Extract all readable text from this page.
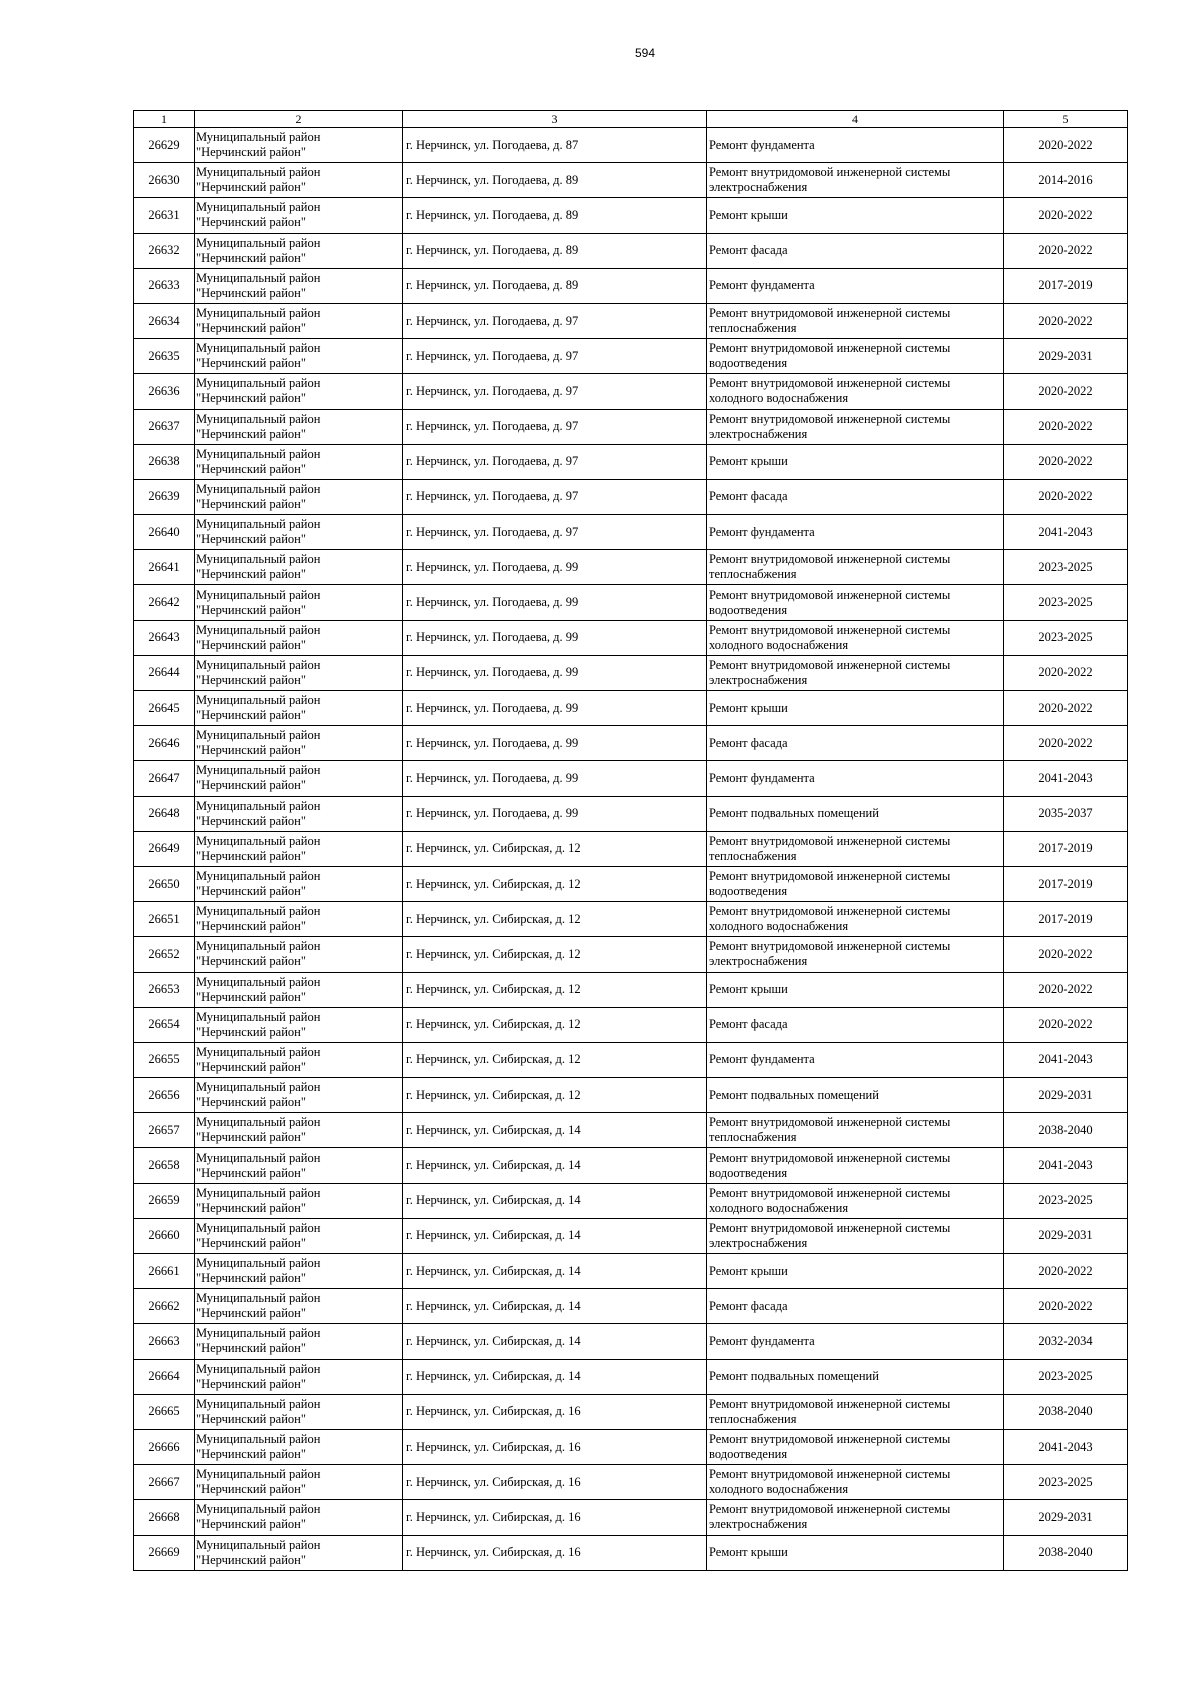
594
1	2	3	4	5
26629	Муниципальный район
"Нерчинский район"	г. Нерчинск, ул. Погодаева, д. 87	Ремонт фундамента	2020-2022
26630	Муниципальный район
"Нерчинский район"	г. Нерчинск, ул. Погодаева, д. 89	Ремонт внутридомовой инженерной системы электроснабжения	2014-2016
26631	Муниципальный район
"Нерчинский район"	г. Нерчинск, ул. Погодаева, д. 89	Ремонт крыши	2020-2022
26632	Муниципальный район
"Нерчинский район"	г. Нерчинск, ул. Погодаева, д. 89	Ремонт фасада	2020-2022
26633	Муниципальный район
"Нерчинский район"	г. Нерчинск, ул. Погодаева, д. 89	Ремонт фундамента	2017-2019
26634	Муниципальный район
"Нерчинский район"	г. Нерчинск, ул. Погодаева, д. 97	Ремонт внутридомовой инженерной системы теплоснабжения	2020-2022
26635	Муниципальный район
"Нерчинский район"	г. Нерчинск, ул. Погодаева, д. 97	Ремонт внутридомовой инженерной системы водоотведения	2029-2031
26636	Муниципальный район
"Нерчинский район"	г. Нерчинск, ул. Погодаева, д. 97	Ремонт внутридомовой инженерной системы холодного водоснабжения	2020-2022
26637	Муниципальный район
"Нерчинский район"	г. Нерчинск, ул. Погодаева, д. 97	Ремонт внутридомовой инженерной системы электроснабжения	2020-2022
26638	Муниципальный район
"Нерчинский район"	г. Нерчинск, ул. Погодаева, д. 97	Ремонт крыши	2020-2022
26639	Муниципальный район
"Нерчинский район"	г. Нерчинск, ул. Погодаева, д. 97	Ремонт фасада	2020-2022
26640	Муниципальный район
"Нерчинский район"	г. Нерчинск, ул. Погодаева, д. 97	Ремонт фундамента	2041-2043
26641	Муниципальный район
"Нерчинский район"	г. Нерчинск, ул. Погодаева, д. 99	Ремонт внутридомовой инженерной системы теплоснабжения	2023-2025
26642	Муниципальный район
"Нерчинский район"	г. Нерчинск, ул. Погодаева, д. 99	Ремонт внутридомовой инженерной системы водоотведения	2023-2025
26643	Муниципальный район
"Нерчинский район"	г. Нерчинск, ул. Погодаева, д. 99	Ремонт внутридомовой инженерной системы холодного водоснабжения	2023-2025
26644	Муниципальный район
"Нерчинский район"	г. Нерчинск, ул. Погодаева, д. 99	Ремонт внутридомовой инженерной системы электроснабжения	2020-2022
26645	Муниципальный район
"Нерчинский район"	г. Нерчинск, ул. Погодаева, д. 99	Ремонт крыши	2020-2022
26646	Муниципальный район
"Нерчинский район"	г. Нерчинск, ул. Погодаева, д. 99	Ремонт фасада	2020-2022
26647	Муниципальный район
"Нерчинский район"	г. Нерчинск, ул. Погодаева, д. 99	Ремонт фундамента	2041-2043
26648	Муниципальный район
"Нерчинский район"	г. Нерчинск, ул. Погодаева, д. 99	Ремонт подвальных помещений	2035-2037
26649	Муниципальный район
"Нерчинский район"	г. Нерчинск, ул. Сибирская, д. 12	Ремонт внутридомовой инженерной системы теплоснабжения	2017-2019
26650	Муниципальный район
"Нерчинский район"	г. Нерчинск, ул. Сибирская, д. 12	Ремонт внутридомовой инженерной системы водоотведения	2017-2019
26651	Муниципальный район
"Нерчинский район"	г. Нерчинск, ул. Сибирская, д. 12	Ремонт внутридомовой инженерной системы холодного водоснабжения	2017-2019
26652	Муниципальный район
"Нерчинский район"	г. Нерчинск, ул. Сибирская, д. 12	Ремонт внутридомовой инженерной системы электроснабжения	2020-2022
26653	Муниципальный район
"Нерчинский район"	г. Нерчинск, ул. Сибирская, д. 12	Ремонт крыши	2020-2022
26654	Муниципальный район
"Нерчинский район"	г. Нерчинск, ул. Сибирская, д. 12	Ремонт фасада	2020-2022
26655	Муниципальный район
"Нерчинский район"	г. Нерчинск, ул. Сибирская, д. 12	Ремонт фундамента	2041-2043
26656	Муниципальный район
"Нерчинский район"	г. Нерчинск, ул. Сибирская, д. 12	Ремонт подвальных помещений	2029-2031
26657	Муниципальный район
"Нерчинский район"	г. Нерчинск, ул. Сибирская, д. 14	Ремонт внутридомовой инженерной системы теплоснабжения	2038-2040
26658	Муниципальный район
"Нерчинский район"	г. Нерчинск, ул. Сибирская, д. 14	Ремонт внутридомовой инженерной системы водоотведения	2041-2043
26659	Муниципальный район
"Нерчинский район"	г. Нерчинск, ул. Сибирская, д. 14	Ремонт внутридомовой инженерной системы холодного водоснабжения	2023-2025
26660	Муниципальный район
"Нерчинский район"	г. Нерчинск, ул. Сибирская, д. 14	Ремонт внутридомовой инженерной системы электроснабжения	2029-2031
26661	Муниципальный район
"Нерчинский район"	г. Нерчинск, ул. Сибирская, д. 14	Ремонт крыши	2020-2022
26662	Муниципальный район
"Нерчинский район"	г. Нерчинск, ул. Сибирская, д. 14	Ремонт фасада	2020-2022
26663	Муниципальный район
"Нерчинский район"	г. Нерчинск, ул. Сибирская, д. 14	Ремонт фундамента	2032-2034
26664	Муниципальный район
"Нерчинский район"	г. Нерчинск, ул. Сибирская, д. 14	Ремонт подвальных помещений	2023-2025
26665	Муниципальный район
"Нерчинский район"	г. Нерчинск, ул. Сибирская, д. 16	Ремонт внутридомовой инженерной системы теплоснабжения	2038-2040
26666	Муниципальный район
"Нерчинский район"	г. Нерчинск, ул. Сибирская, д. 16	Ремонт внутридомовой инженерной системы водоотведения	2041-2043
26667	Муниципальный район
"Нерчинский район"	г. Нерчинск, ул. Сибирская, д. 16	Ремонт внутридомовой инженерной системы холодного водоснабжения	2023-2025
26668	Муниципальный район
"Нерчинский район"	г. Нерчинск, ул. Сибирская, д. 16	Ремонт внутридомовой инженерной системы электроснабжения	2029-2031
26669	Муниципальный район
"Нерчинский район"	г. Нерчинск, ул. Сибирская, д. 16	Ремонт крыши	2038-2040
